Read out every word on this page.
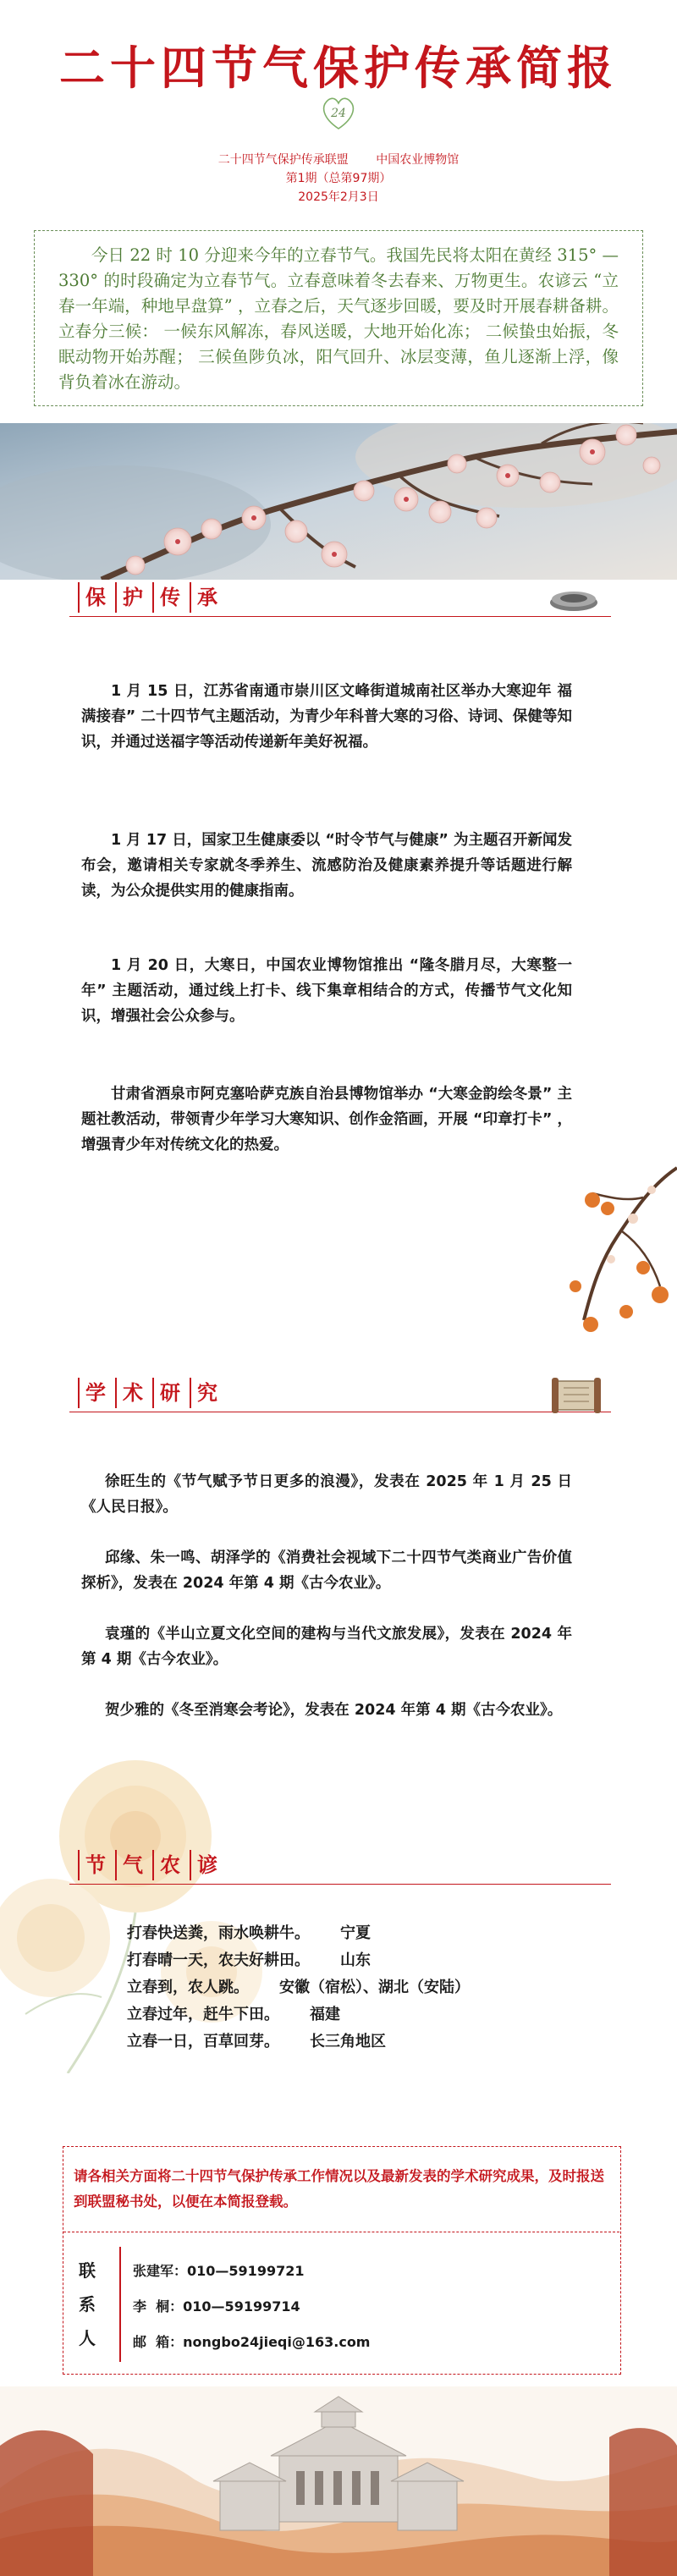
二十四节气保护传承简报
24
二十四节气保护传承联盟 中国农业博物馆
第1期（总第97期）
2025年2月3日

今日 22 时 10 分迎来今年的立春节气。我国先民将太阳在黄经 315° —330° 的时段确定为立春节气。立春意味着冬去春来、万物更生。农谚云 “立春一年端，种地早盘算” ，立春之后，天气逐步回暖，要及时开展春耕备耕。立春分三候： 一候东风解冻，春风送暖，大地开始化冻； 二候蛰虫始振，冬眠动物开始苏醒； 三候鱼陟负冰，阳气回升、冰层变薄，鱼儿逐渐上浮，像背负着冰在游动。

保 护 传 承

1 月 15 日，江苏省南通市崇川区文峰街道城南社区举办大寒迎年 福满接春” 二十四节气主题活动，为青少年科普大寒的习俗、诗词、保健等知识，并通过送福字等活动传递新年美好祝福。

1 月 17 日，国家卫生健康委以 “时令节气与健康” 为主题召开新闻发布会，邀请相关专家就冬季养生、流感防治及健康素养提升等话题进行解读，为公众提供实用的健康指南。

1 月 20 日，大寒日，中国农业博物馆推出 “隆冬腊月尽，大寒整一年” 主题活动，通过线上打卡、线下集章相结合的方式，传播节气文化知识，增强社会公众参与。

甘肃省酒泉市阿克塞哈萨克族自治县博物馆举办 “大寒金韵绘冬景” 主题社教活动，带领青少年学习大寒知识、创作金箔画，开展 “印章打卡” ，增强青少年对传统文化的热爱。

学 术 研 究

徐旺生的《节气赋予节日更多的浪漫》，发表在 2025 年 1 月 25 日《人民日报》。

邱缘、朱一鸣、胡泽学的《消费社会视域下二十四节气类商业广告价值探析》，发表在 2024 年第 4 期《古今农业》。

袁瑾的《半山立夏文化空间的建构与当代文旅发展》，发表在 2024 年第 4 期《古今农业》。

贺少雅的《冬至消寒会考论》，发表在 2024 年第 4 期《古今农业》。

节 气 农 谚
打春快送粪，雨水唤耕牛。 宁夏
打春晴一天，农夫好耕田。 山东
立春到，农人跳。 安徽（宿松）、湖北（安陆）
立春过年，赶牛下田。 福建
立春一日，百草回芽。 长三角地区

请各相关方面将二十四节气保护传承工作情况以及最新发表的学术研究成果，及时报送到联盟秘书处，以便在本简报登载。

联
系
人
张建军：010—59199721
李  桐：010—59199714
邮  箱：nongbo24jieqi@163.com
